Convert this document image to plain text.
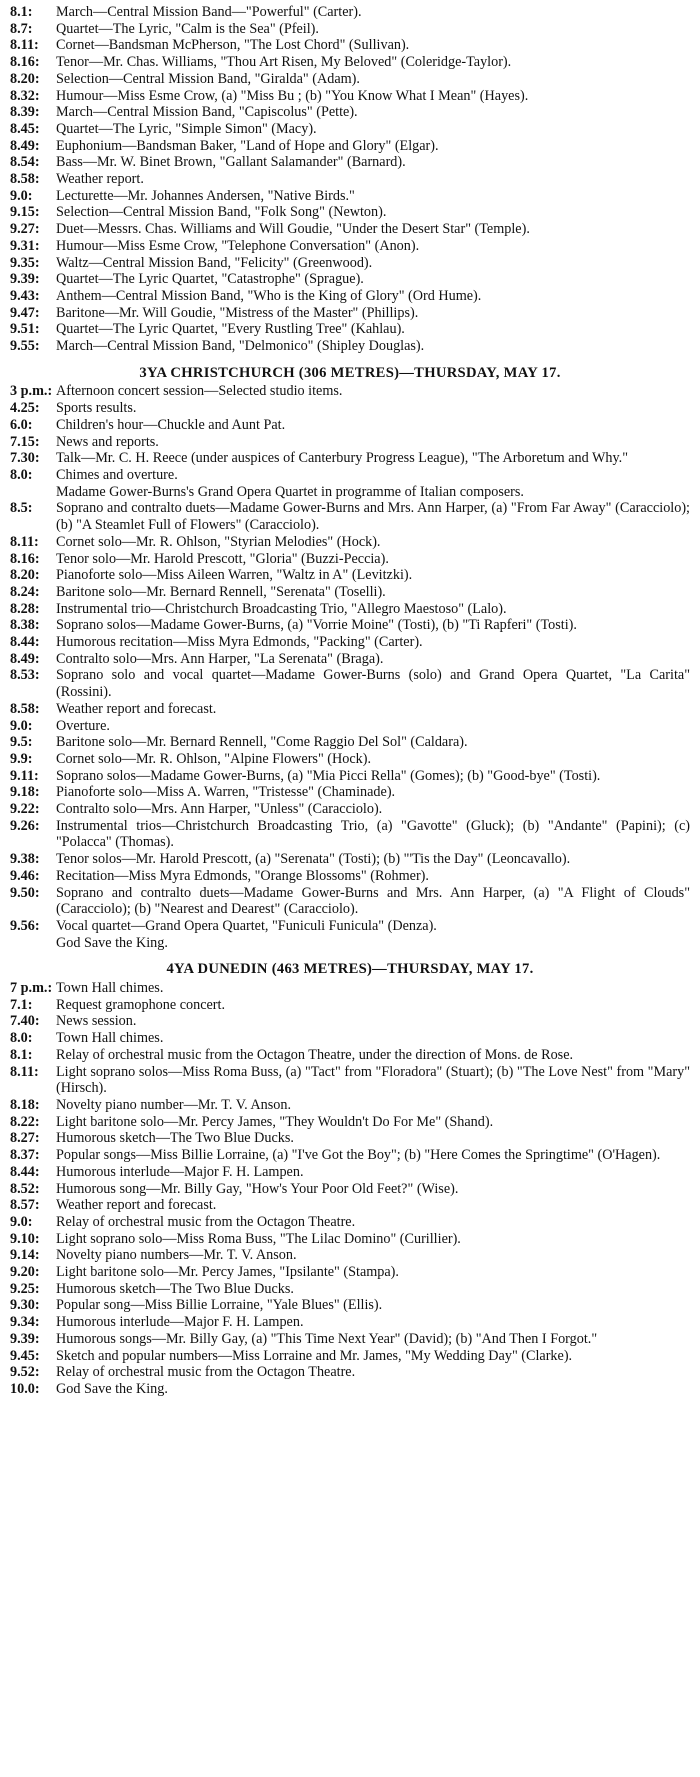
8.1:	March—Central Mission Band—"Powerful" (Carter).
8.7:	Quartet—The Lyric, "Calm is the Sea" (Pfeil).
8.11:	Cornet—Bandsman McPherson, "The Lost Chord" (Sullivan).
8.16:	Tenor—Mr. Chas. Williams, "Thou Art Risen, My Beloved" (Coleridge-Taylor).
8.20:	Selection—Central Mission Band, "Giralda" (Adam).
8.32:	Humour—Miss Esme Crow, (a) "Miss Bu ; (b) "You Know What I Mean" (Hayes).
8.39:	March—Central Mission Band, "Capiscolus" (Pette).
8.45:	Quartet—The Lyric, "Simple Simon" (Macy).
8.49:	Euphonium—Bandsman Baker, "Land of Hope and Glory" (Elgar).
8.54:	Bass—Mr. W. Binet Brown, "Gallant Salamander" (Barnard).
8.58:	Weather report.
9.0:	Lecturette—Mr. Johannes Andersen, "Native Birds."
9.15:	Selection—Central Mission Band, "Folk Song" (Newton).
9.27:	Duet—Messrs. Chas. Williams and Will Goudie, "Under the Desert Star" (Temple).
9.31:	Humour—Miss Esme Crow, "Telephone Conversation" (Anon).
9.35:	Waltz—Central Mission Band, "Felicity" (Greenwood).
9.39:	Quartet—The Lyric Quartet, "Catastrophe" (Sprague).
9.43:	Anthem—Central Mission Band, "Who is the King of Glory" (Ord Hume).
9.47:	Baritone—Mr. Will Goudie, "Mistress of the Master" (Phillips).
9.51:	Quartet—The Lyric Quartet, "Every Rustling Tree" (Kahlau).
9.55:	March—Central Mission Band, "Delmonico" (Shipley Douglas).
3YA CHRISTCHURCH (306 METRES)—THURSDAY, MAY 17.
3 p.m.: Afternoon concert session—Selected studio items.
4.25:	Sports results.
6.0:	Children's hour—Chuckle and Aunt Pat.
7.15:	News and reports.
7.30:	Talk—Mr. C. H. Reece (under auspices of Canterbury Progress League), "The Arboretum and Why."
8.0:	Chimes and overture.
Madame Gower-Burns's Grand Opera Quartet in programme of Italian composers.
8.5:	Soprano and contralto duets—Madame Gower-Burns and Mrs. Ann Harper, (a) "From Far Away" (Caracciolo); (b) "A Steamlet Full of Flowers" (Caracciolo).
8.11:	Cornet solo—Mr. R. Ohlson, "Styrian Melodies" (Hock).
8.16:	Tenor solo—Mr. Harold Prescott, "Gloria" (Buzzi-Peccia).
8.20:	Pianoforte solo—Miss Aileen Warren, "Waltz in A" (Levitzki).
8.24:	Baritone solo—Mr. Bernard Rennell, "Serenata" (Toselli).
8.28:	Instrumental trio—Christchurch Broadcasting Trio, "Allegro Maestoso" (Lalo).
8.38:	Soprano solos—Madame Gower-Burns, (a) "Vorrie Moine" (Tosti), (b) "Ti Rapferi" (Tosti).
8.44:	Humorous recitation—Miss Myra Edmonds, "Packing" (Carter).
8.49:	Contralto solo—Mrs. Ann Harper, "La Serenata" (Braga).
8.53:	Soprano solo and vocal quartet—Madame Gower-Burns (solo) and Grand Opera Quartet, "La Carita" (Rossini).
8.58:	Weather report and forecast.
9.0:	Overture.
9.5:	Baritone solo—Mr. Bernard Rennell, "Come Raggio Del Sol" (Caldara).
9.9:	Cornet solo—Mr. R. Ohlson, "Alpine Flowers" (Hock).
9.11:	Soprano solos—Madame Gower-Burns, (a) "Mia Picci Rella" (Gomes); (b) "Good-bye" (Tosti).
9.18:	Pianoforte solo—Miss A. Warren, "Tristesse" (Chaminade).
9.22:	Contralto solo—Mrs. Ann Harper, "Unless" (Caracciolo).
9.26:	Instrumental trios—Christchurch Broadcasting Trio, (a) "Gavotte" (Gluck); (b) "Andante" (Papini); (c) "Polacca" (Thomas).
9.38:	Tenor solos—Mr. Harold Prescott, (a) "Serenata" (Tosti); (b) "'Tis the Day" (Leoncavallo).
9.46:	Recitation—Miss Myra Edmonds, "Orange Blossoms" (Rohmer).
9.50:	Soprano and contralto duets—Madame Gower-Burns and Mrs. Ann Harper, (a) "A Flight of Clouds" (Caracciolo); (b) "Nearest and Dearest" (Caracciolo).
9.56:	Vocal quartet—Grand Opera Quartet, "Funiculi Funicula" (Denza).
God Save the King.
4YA DUNEDIN (463 METRES)—THURSDAY, MAY 17.
7 p.m.: Town Hall chimes.
7.1:	Request gramophone concert.
7.40:	News session.
8.0:	Town Hall chimes.
8.1:	Relay of orchestral music from the Octagon Theatre, under the direction of Mons. de Rose.
8.11:	Light soprano solos—Miss Roma Buss, (a) "Tact" from "Floradora" (Stuart); (b) "The Love Nest" from "Mary" (Hirsch).
8.18:	Novelty piano number—Mr. T. V. Anson.
8.22:	Light baritone solo—Mr. Percy James, "They Wouldn't Do For Me" (Shand).
8.27:	Humorous sketch—The Two Blue Ducks.
8.37:	Popular songs—Miss Billie Lorraine, (a) "I've Got the Boy"; (b) "Here Comes the Springtime" (O'Hagen).
8.44:	Humorous interlude—Major F. H. Lampen.
8.52:	Humorous song—Mr. Billy Gay, "How's Your Poor Old Feet?" (Wise).
8.57:	Weather report and forecast.
9.0:	Relay of orchestral music from the Octagon Theatre.
9.10:	Light soprano solo—Miss Roma Buss, "The Lilac Domino" (Curillier).
9.14:	Novelty piano numbers—Mr. T. V. Anson.
9.20:	Light baritone solo—Mr. Percy James, "Ipsilante" (Stampa).
9.25:	Humorous sketch—The Two Blue Ducks.
9.30:	Popular song—Miss Billie Lorraine, "Yale Blues" (Ellis).
9.34:	Humorous interlude—Major F. H. Lampen.
9.39:	Humorous songs—Mr. Billy Gay, (a) "This Time Next Year" (David); (b) "And Then I Forgot."
9.45:	Sketch and popular numbers—Miss Lorraine and Mr. James, "My Wedding Day" (Clarke).
9.52:	Relay of orchestral music from the Octagon Theatre.
10.0:	God Save the King.
